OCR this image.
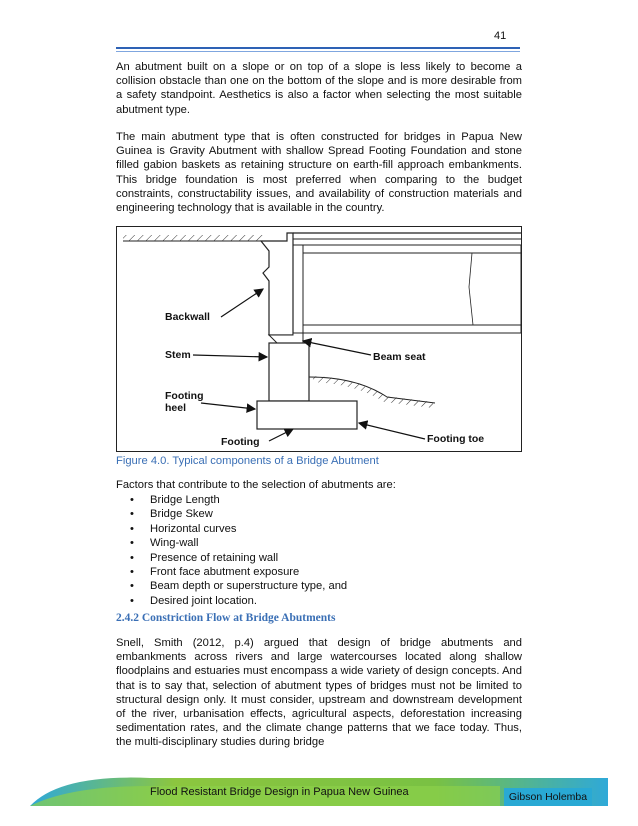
41

An abutment built on a slope or on top of a slope is less likely to become a collision obstacle than one on the bottom of the slope and is more desirable from a safety standpoint. Aesthetics is also a factor when selecting the most suitable abutment type.

The main abutment type that is often constructed for bridges in Papua New Guinea is Gravity Abutment with shallow Spread Footing Foundation and stone filled gabion baskets as retaining structure on earth-fill approach embankments. This bridge foundation is most preferred when comparing to the budget constraints, constructability issues, and availability of construction materials and engineering technology that is available in the country.

Backwall
Stem
Footing
heel
Footing
Beam seat
Footing toe
Figure 4.0. Typical components of a Bridge Abutment

Factors that contribute to the selection of abutments are:

• Bridge Length
• Bridge Skew
• Horizontal curves
• Wing-wall
• Presence of retaining wall
• Front face abutment exposure
• Beam depth or superstructure type, and
• Desired joint location.
2.4.2 Constriction Flow at Bridge Abutments

Snell, Smith (2012, p.4) argued that design of bridge abutments and embankments across rivers and large watercourses located along shallow floodplains and estuaries must encompass a wide variety of design concepts. And that is to say that, selection of abutment types of bridges must not be limited to structural design only. It must consider, upstream and downstream development of the river, urbanisation effects, agricultural aspects, deforestation increasing sedimentation rates, and the climate change patterns that we face today. Thus, the multi-disciplinary studies during bridge

Flood Resistant Bridge Design in Papua New Guinea	Gibson Holemba
